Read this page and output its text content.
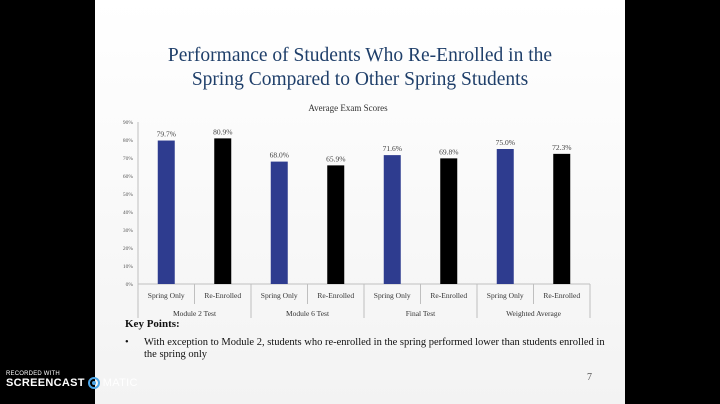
Performance of Students Who Re-Enrolled in the
Spring Compared to Other Spring Students
Average Exam Scores
0%
10%
20%
30%
40%
50%
60%
70%
80%
90%
79.7%
Spring Only
80.9%
Re-Enrolled
Module 2 Test
68.0%
Spring Only
65.9%
Re-Enrolled
Module 6 Test
71.6%
Spring Only
69.8%
Re-Enrolled
Final Test
75.0%
Spring Only
72.3%
Re-Enrolled
Weighted Average
Key Points:
• With exception to Module 2, students who re-enrolled in the spring performed lower than students enrolled in the spring only
7
RECORDED WITH
SCREENCAST MATIC
